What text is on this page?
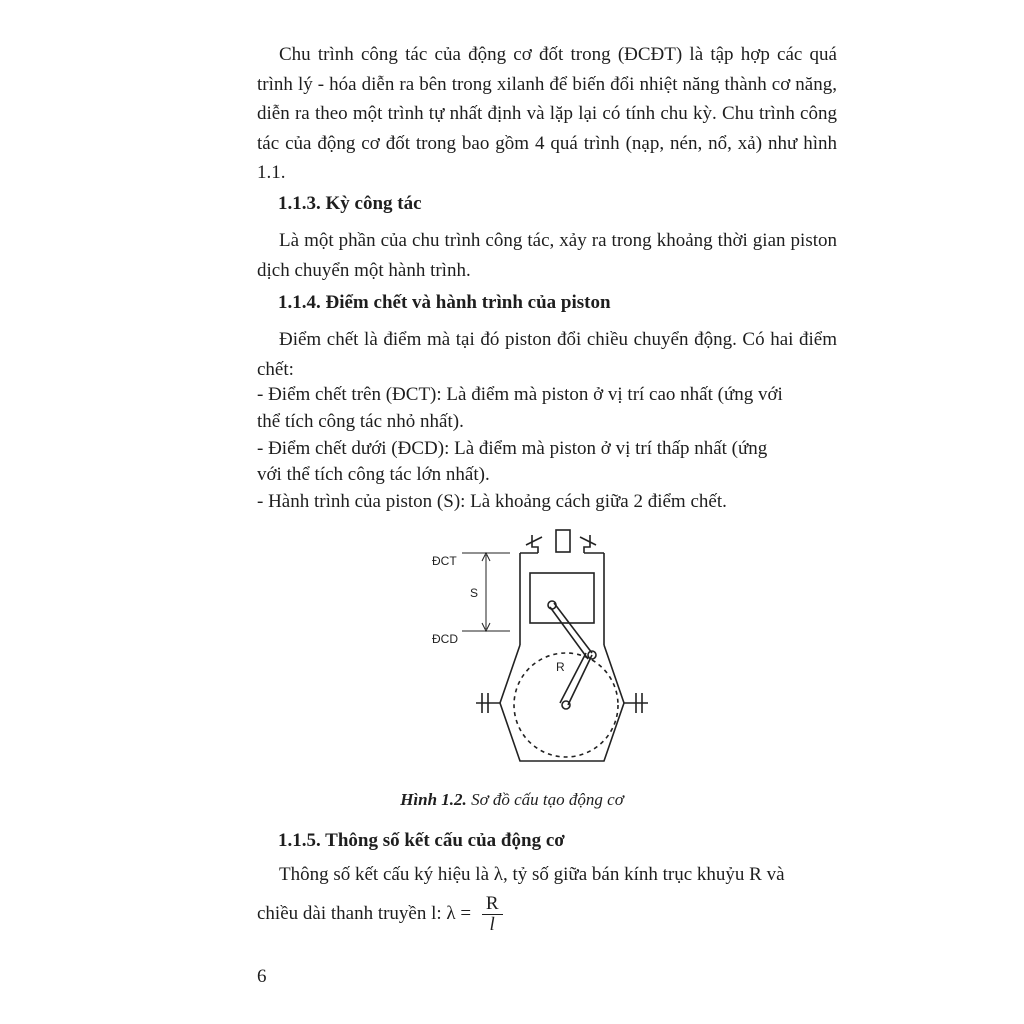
Chu trình công tác của động cơ đốt trong (ĐCĐT) là tập hợp các quá trình lý - hóa diễn ra bên trong xilanh để biến đổi nhiệt năng thành cơ năng, diễn ra theo một trình tự nhất định và lặp lại có tính chu kỳ. Chu trình công tác của động cơ đốt trong bao gồm 4 quá trình (nạp, nén, nổ, xả) như hình 1.1.

1.1.3. Kỳ công tác

Là một phần của chu trình công tác, xảy ra trong khoảng thời gian piston dịch chuyển một hành trình.

1.1.4. Điểm chết và hành trình của piston

Điểm chết là điểm mà tại đó piston đổi chiều chuyển động. Có hai điểm chết:

- Điểm chết trên (ĐCT): Là điểm mà piston ở vị trí cao nhất (ứng với
thể tích công tác nhỏ nhất).
- Điểm chết dưới (ĐCD): Là điểm mà piston ở vị trí thấp nhất (ứng
với thể tích công tác lớn nhất).
- Hành trình của piston (S): Là khoảng cách giữa 2 điểm chết.
ĐCT
S
ĐCD
R
Hình 1.2. Sơ đồ cấu tạo động cơ
1.1.5. Thông số kết cấu của động cơ
Thông số kết cấu ký hiệu là λ, tỷ số giữa bán kính trục khuỷu R và
chiều dài thanh truyền l: $\lambda = \frac{R}{l}$
6
